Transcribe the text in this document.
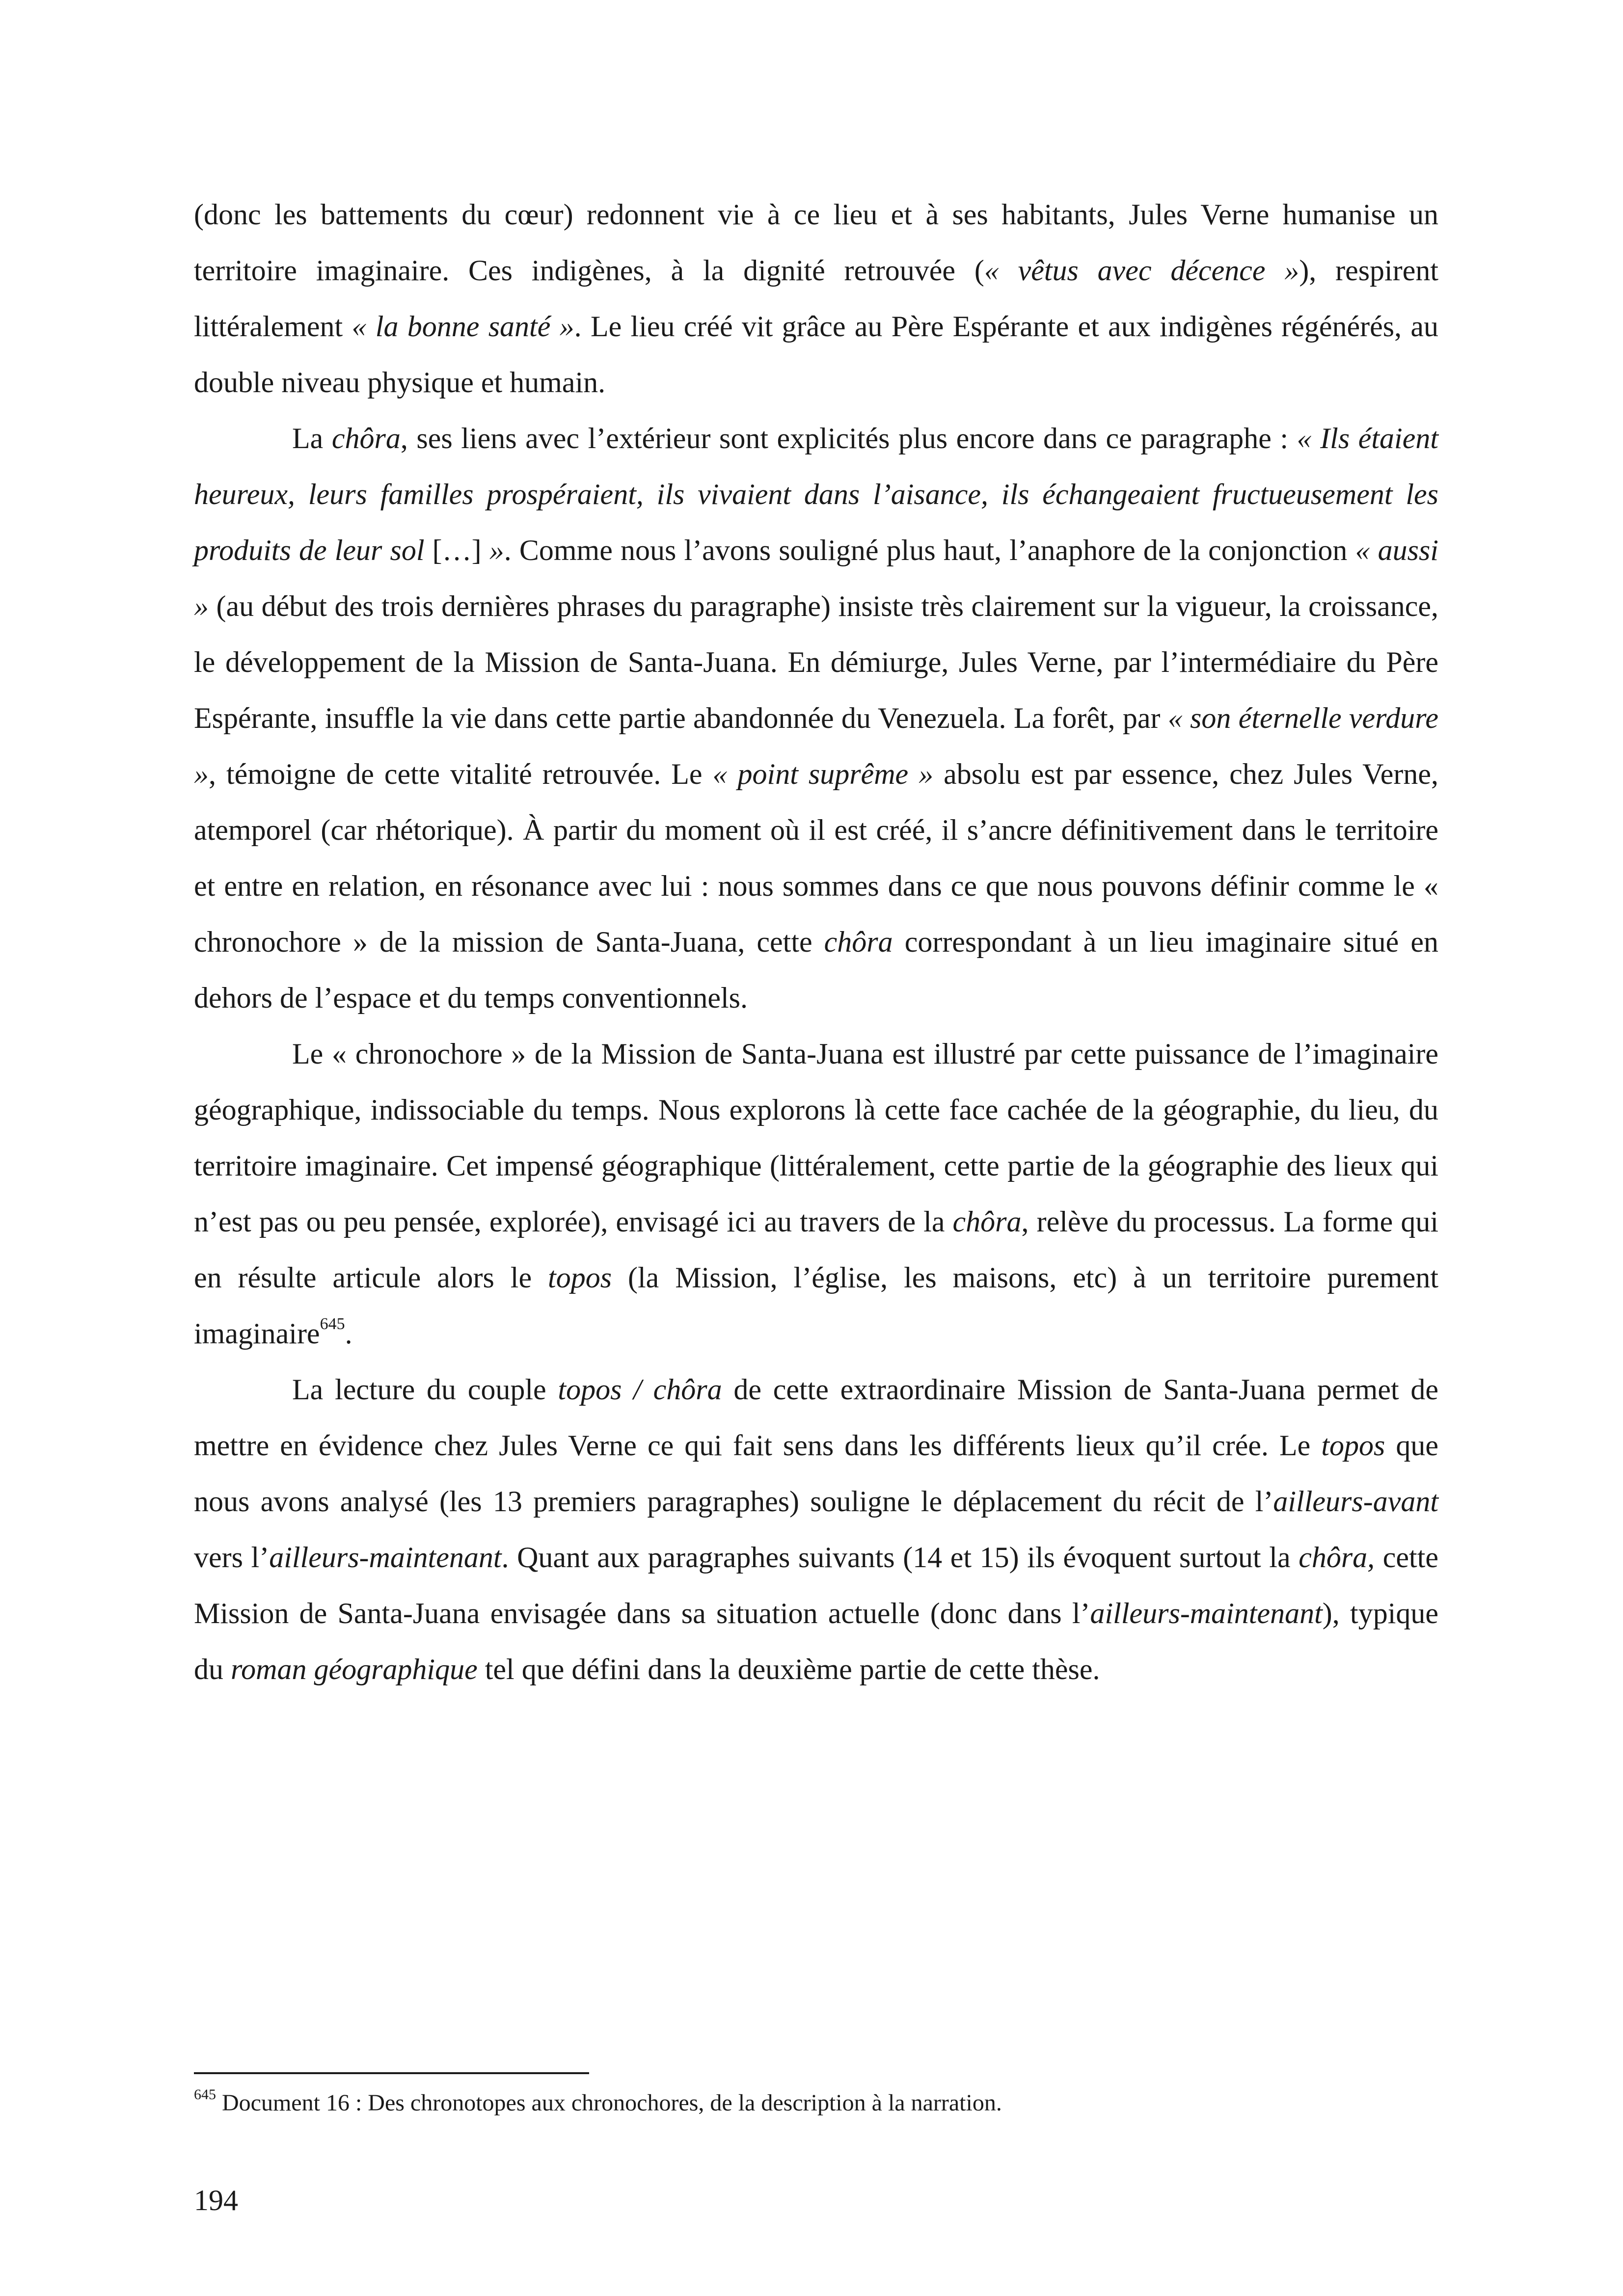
(donc les battements du cœur) redonnent vie à ce lieu et à ses habitants, Jules Verne humanise un territoire imaginaire. Ces indigènes, à la dignité retrouvée (« vêtus avec décence »), respirent littéralement « la bonne santé ». Le lieu créé vit grâce au Père Espérante et aux indigènes régénérés, au double niveau physique et humain.

La chôra, ses liens avec l’extérieur sont explicités plus encore dans ce paragraphe : « Ils étaient heureux, leurs familles prospéraient, ils vivaient dans l’aisance, ils échangeaient fructueusement les produits de leur sol […] ». Comme nous l’avons souligné plus haut, l’anaphore de la conjonction « aussi » (au début des trois dernières phrases du paragraphe) insiste très clairement sur la vigueur, la croissance, le développement de la Mission de Santa-Juana. En démiurge, Jules Verne, par l’intermédiaire du Père Espérante, insuffle la vie dans cette partie abandonnée du Venezuela. La forêt, par « son éternelle verdure », témoigne de cette vitalité retrouvée. Le « point suprême » absolu est par essence, chez Jules Verne, atemporel (car rhétorique). À partir du moment où il est créé, il s’ancre définitivement dans le territoire et entre en relation, en résonance avec lui : nous sommes dans ce que nous pouvons définir comme le « chronochore » de la mission de Santa-Juana, cette chôra correspondant à un lieu imaginaire situé en dehors de l’espace et du temps conventionnels.

Le « chronochore » de la Mission de Santa-Juana est illustré par cette puissance de l’imaginaire géographique, indissociable du temps. Nous explorons là cette face cachée de la géographie, du lieu, du territoire imaginaire. Cet impensé géographique (littéralement, cette partie de la géographie des lieux qui n’est pas ou peu pensée, explorée), envisagé ici au travers de la chôra, relève du processus. La forme qui en résulte articule alors le topos (la Mission, l’église, les maisons, etc) à un territoire purement imaginaire$^{645}$.

La lecture du couple topos / chôra de cette extraordinaire Mission de Santa-Juana permet de mettre en évidence chez Jules Verne ce qui fait sens dans les différents lieux qu’il crée. Le topos que nous avons analysé (les 13 premiers paragraphes) souligne le déplacement du récit de l’ailleurs-avant vers l’ailleurs-maintenant. Quant aux paragraphes suivants (14 et 15) ils évoquent surtout la chôra, cette Mission de Santa-Juana envisagée dans sa situation actuelle (donc dans l’ailleurs-maintenant), typique du roman géographique tel que défini dans la deuxième partie de cette thèse.

$^{645}$ Document 16 : Des chronotopes aux chronochores, de la description à la narration.

194
